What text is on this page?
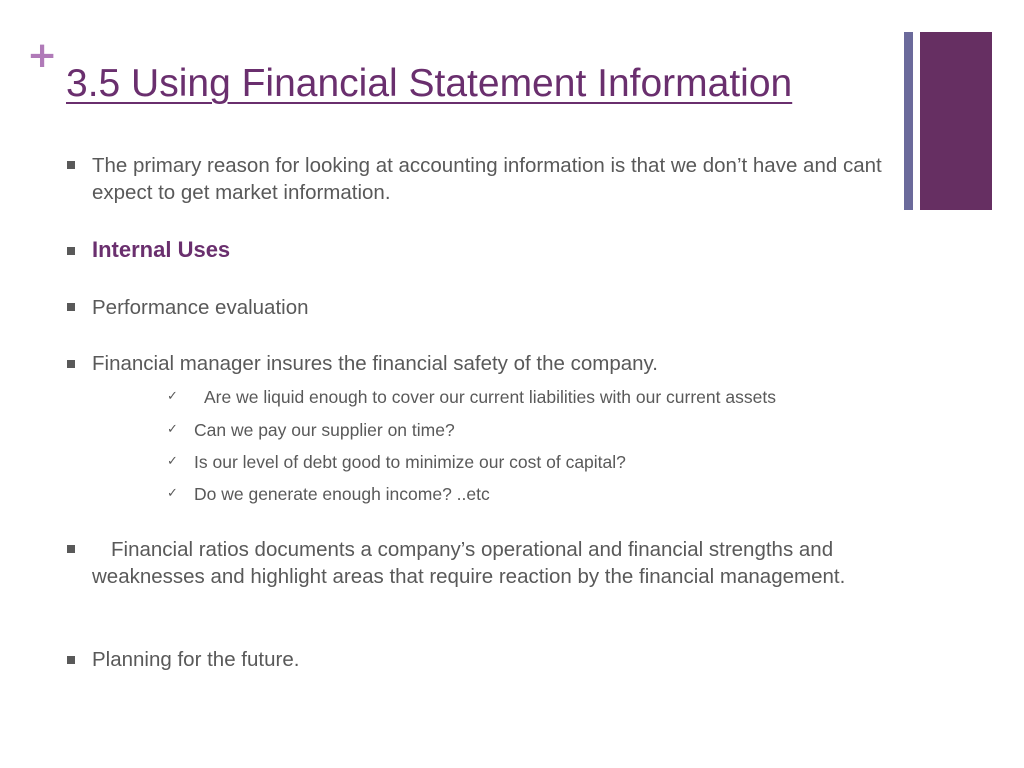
+
3.5 Using Financial Statement Information

The primary reason for looking at accounting information is that we don’t have and cant expect to get market information.

Internal Uses

Performance evaluation

Financial manager insures the financial safety of the company.

✓ Are we liquid enough to cover our current liabilities with our current assets

✓ Can we pay our supplier on time?

✓ Is our level of debt good to minimize our cost of capital?

✓ Do we generate enough income? ..etc

Financial ratios documents a company’s operational and financial strengths and weaknesses and highlight areas that require reaction by the financial management.

Planning for the future.
